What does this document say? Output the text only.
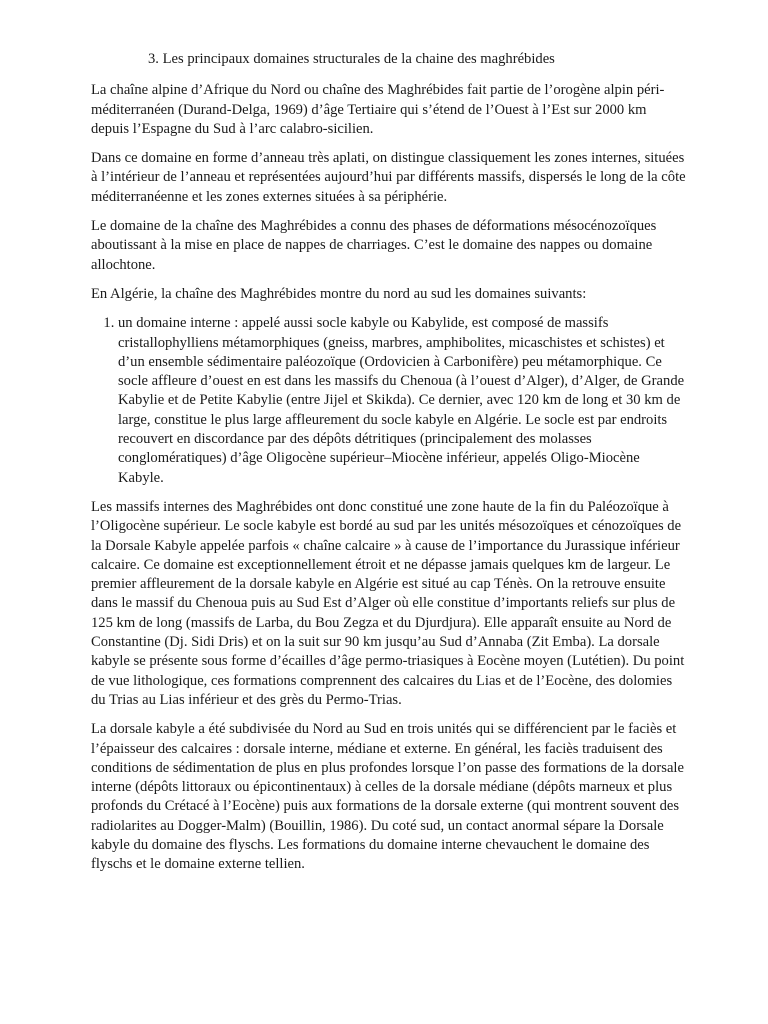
3. Les principaux domaines structurales de la chaine des maghrébides

La chaîne alpine d’Afrique du Nord ou chaîne des Maghrébides fait partie de l’orogène alpin péri-méditerranéen (Durand-Delga, 1969) d’âge Tertiaire qui s’étend de l’Ouest à l’Est sur 2000 km depuis l’Espagne du Sud à l’arc calabro-sicilien.

Dans ce domaine en forme d’anneau très aplati, on distingue classiquement les zones internes, situées à l’intérieur de l’anneau et représentées aujourd’hui par différents massifs, dispersés le long de la côte méditerranéenne et les zones externes situées à sa périphérie.

Le domaine de la chaîne des Maghrébides a connu des phases de déformations mésocénozoïques aboutissant à la mise en place de nappes de charriages. C’est le domaine des nappes ou domaine allochtone.

En Algérie, la chaîne des Maghrébides montre du nord au sud les domaines suivants:

1. un domaine interne : appelé aussi socle kabyle ou Kabylide, est composé de massifs cristallophylliens métamorphiques (gneiss, marbres, amphibolites, micaschistes et schistes) et d’un ensemble sédimentaire paléozoïque (Ordovicien à Carbonifère) peu métamorphique. Ce socle affleure d’ouest en est dans les massifs du Chenoua (à l’ouest d’Alger), d’Alger, de Grande Kabylie et de Petite Kabylie (entre Jijel et Skikda). Ce dernier, avec 120 km de long et 30 km de large, constitue le plus large affleurement du socle kabyle en Algérie. Le socle est par endroits recouvert en discordance par des dépôts détritiques (principalement des molasses conglomératiques) d’âge Oligocène supérieur–Miocène inférieur, appelés Oligo-Miocène Kabyle.

Les massifs internes des Maghrébides ont donc constitué une zone haute de la fin du Paléozoïque à l’Oligocène supérieur. Le socle kabyle est bordé au sud par les unités mésozoïques et cénozoïques de la Dorsale Kabyle appelée parfois « chaîne calcaire » à cause de l’importance du Jurassique inférieur calcaire. Ce domaine est exceptionnellement étroit et ne dépasse jamais quelques km de largeur. Le premier affleurement de la dorsale kabyle en Algérie est situé au cap Ténès. On la retrouve ensuite dans le massif du Chenoua puis au Sud Est d’Alger où elle constitue d’importants reliefs sur plus de 125 km de long (massifs de Larba, du Bou Zegza et du Djurdjura). Elle apparaît ensuite au Nord de Constantine (Dj. Sidi Dris) et on la suit sur 90 km jusqu’au Sud d’Annaba (Zit Emba). La dorsale kabyle se présente sous forme d’écailles d’âge permo-triasiques à Eocène moyen (Lutétien). Du point de vue lithologique, ces formations comprennent des calcaires du Lias et de l’Eocène, des dolomies du Trias au Lias inférieur et des grès du Permo-Trias.

La dorsale kabyle a été subdivisée du Nord au Sud en trois unités qui se différencient par le faciès et l’épaisseur des calcaires : dorsale interne, médiane et externe. En général, les faciès traduisent des conditions de sédimentation de plus en plus profondes lorsque l’on passe des formations de la dorsale interne (dépôts littoraux ou épicontinentaux) à celles de la dorsale médiane (dépôts marneux et plus profonds du Crétacé à l’Eocène) puis aux formations de la dorsale externe (qui montrent souvent des radiolarites au Dogger-Malm) (Bouillin, 1986). Du coté sud, un contact anormal sépare la Dorsale kabyle du domaine des flyschs. Les formations du domaine interne chevauchent le domaine des flyschs et le domaine externe tellien.
